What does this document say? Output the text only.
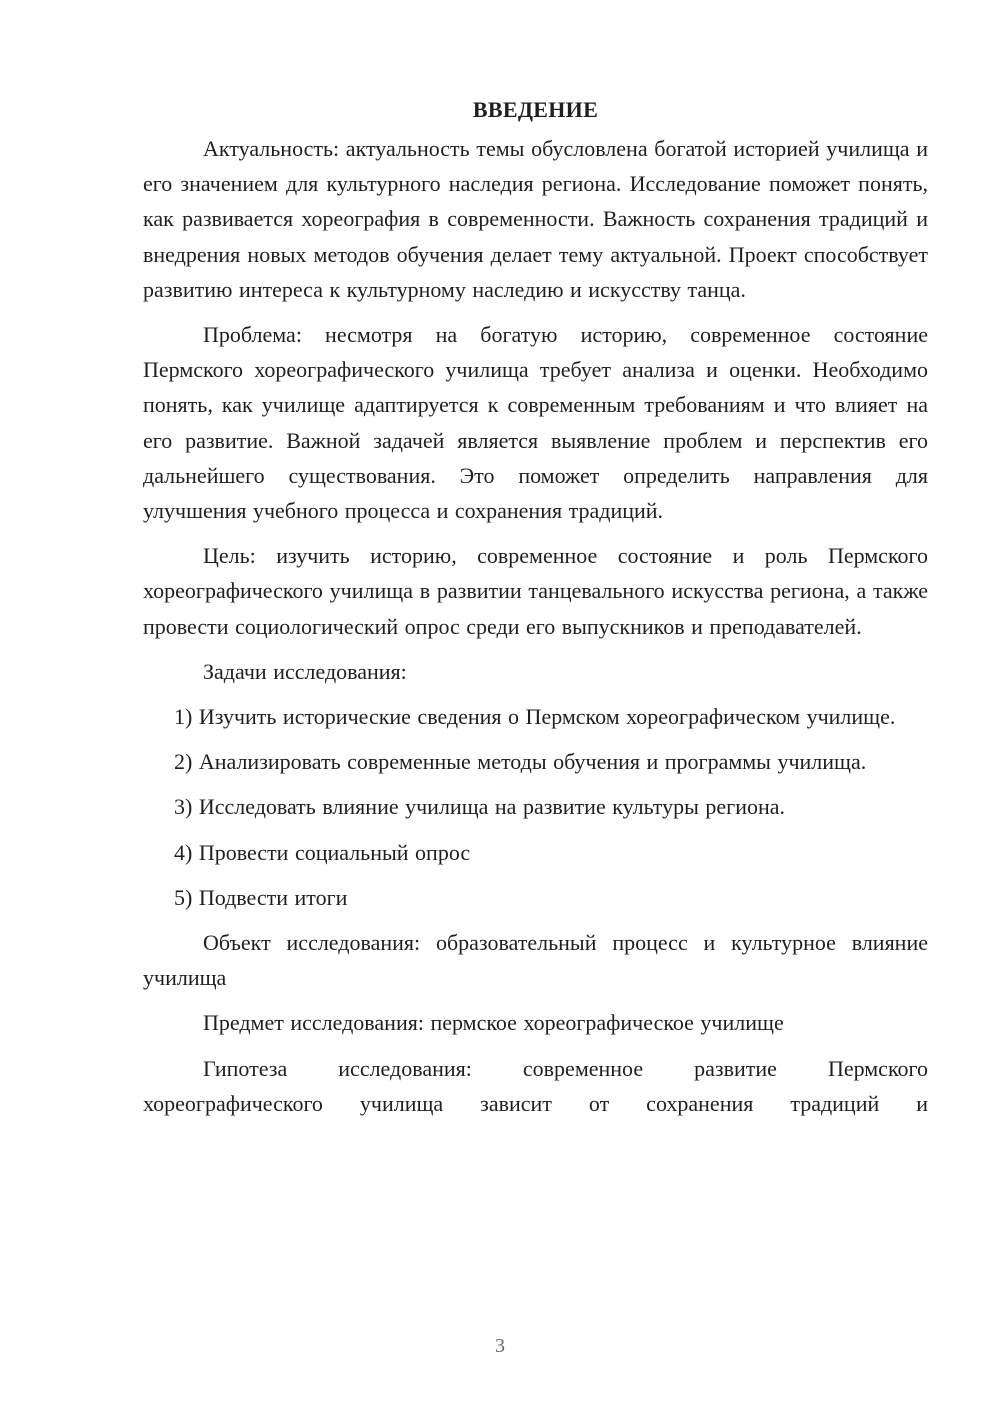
ВВЕДЕНИЕ

Актуальность: актуальность темы обусловлена богатой историей училища и его значением для культурного наследия региона. Исследование поможет понять, как развивается хореография в современности. Важность сохранения традиций и внедрения новых методов обучения делает тему актуальной. Проект способствует развитию интереса к культурному наследию и искусству танца.

Проблема: несмотря на богатую историю, современное состояние Пермского хореографического училища требует анализа и оценки. Необходимо понять, как училище адаптируется к современным требованиям и что влияет на его развитие. Важной задачей является выявление проблем и перспектив его дальнейшего существования. Это поможет определить направления для улучшения учебного процесса и сохранения традиций.

Цель: изучить историю, современное состояние и роль Пермского хореографического училища в развитии танцевального искусства региона, а также провести социологический опрос среди его выпускников и преподавателей.

Задачи исследования:

1) Изучить исторические сведения о Пермском хореографическом училище.

2) Анализировать современные методы обучения и программы училища.

3) Исследовать влияние училища на развитие культуры региона.

4) Провести социальный опрос

5) Подвести итоги

Объект исследования: образовательный процесс и культурное влияние училища

Предмет исследования: пермское хореографическое училище

Гипотеза исследования: современное развитие Пермского хореографического училища зависит от сохранения традиций и

3
